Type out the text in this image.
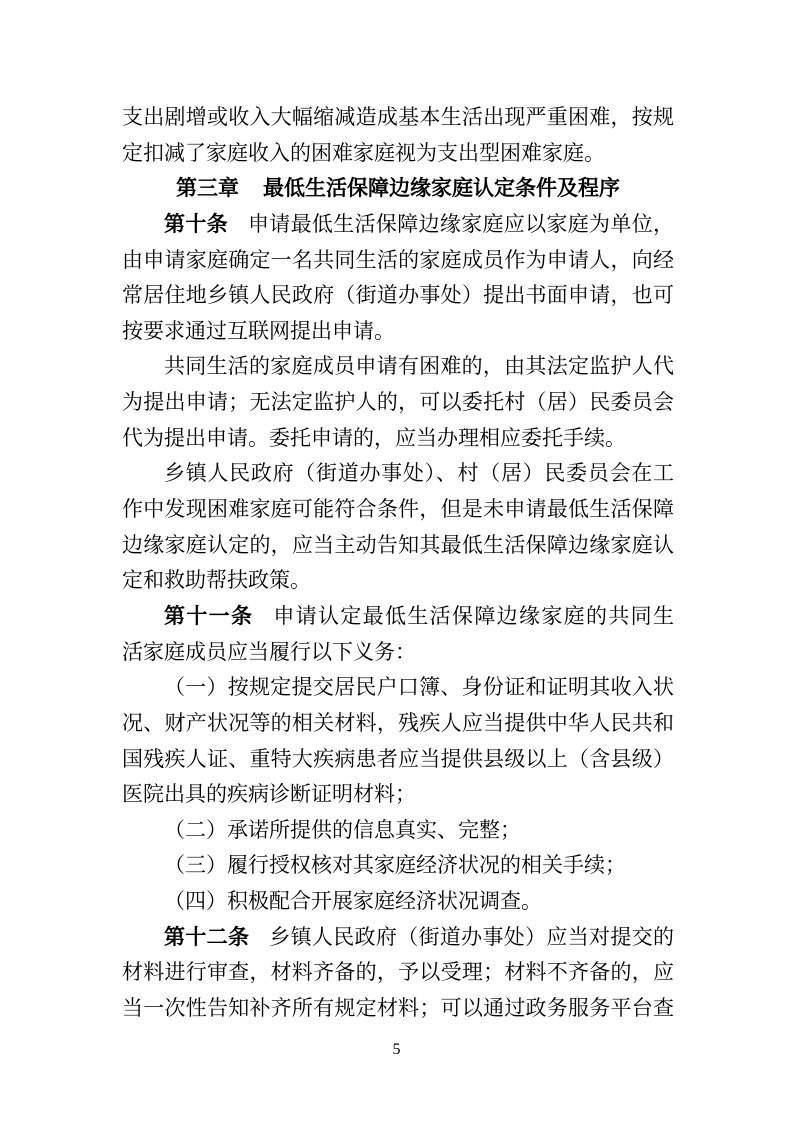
支出剧增或收入大幅缩减造成基本生活出现严重困难，按规
定扣减了家庭收入的困难家庭视为支出型困难家庭。
第三章 最低生活保障边缘家庭认定条件及程序
第十条 申请最低生活保障边缘家庭应以家庭为单位，
由申请家庭确定一名共同生活的家庭成员作为申请人，向经
常居住地乡镇人民政府（街道办事处）提出书面申请，也可
按要求通过互联网提出申请。
共同生活的家庭成员申请有困难的，由其法定监护人代
为提出申请；无法定监护人的，可以委托村（居）民委员会
代为提出申请。委托申请的，应当办理相应委托手续。
乡镇人民政府（街道办事处）、村（居）民委员会在工
作中发现困难家庭可能符合条件，但是未申请最低生活保障
边缘家庭认定的，应当主动告知其最低生活保障边缘家庭认
定和救助帮扶政策。
第十一条 申请认定最低生活保障边缘家庭的共同生
活家庭成员应当履行以下义务：
（一）按规定提交居民户口簿、身份证和证明其收入状
况、财产状况等的相关材料，残疾人应当提供中华人民共和
国残疾人证、重特大疾病患者应当提供县级以上（含县级）
医院出具的疾病诊断证明材料；
（二）承诺所提供的信息真实、完整；
（三）履行授权核对其家庭经济状况的相关手续；
（四）积极配合开展家庭经济状况调查。
第十二条 乡镇人民政府（街道办事处）应当对提交的
材料进行审查，材料齐备的，予以受理；材料不齐备的，应
当一次性告知补齐所有规定材料；可以通过政务服务平台查
5
